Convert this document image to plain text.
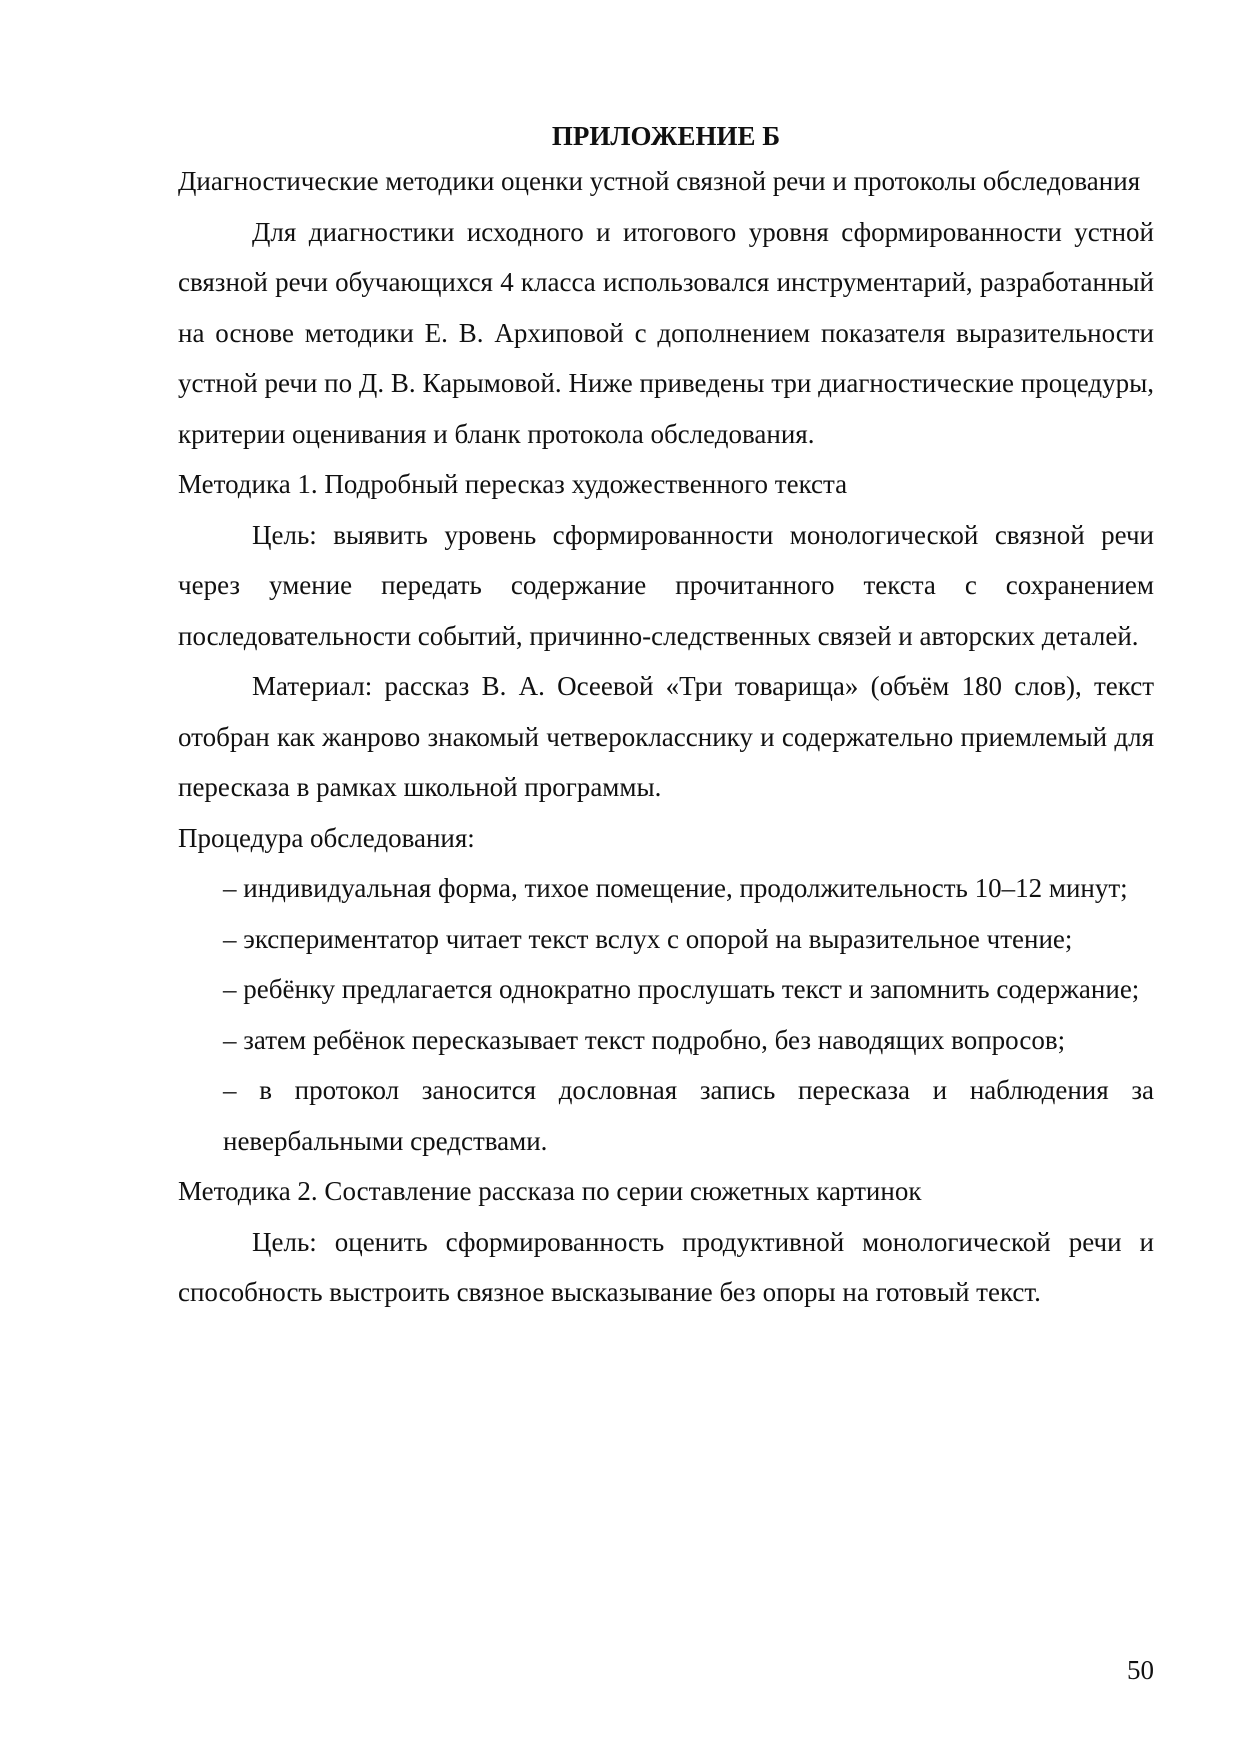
ПРИЛОЖЕНИЕ Б

Диагностические методики оценки устной связной речи и протоколы обследования

Для диагностики исходного и итогового уровня сформированности устной связной речи обучающихся 4 класса использовался инструментарий, разработанный на основе методики Е. В. Архиповой с дополнением показателя выразительности устной речи по Д. В. Карымовой. Ниже приведены три диагностические процедуры, критерии оценивания и бланк протокола обследования.

Методика 1. Подробный пересказ художественного текста

Цель: выявить уровень сформированности монологической связной речи через умение передать содержание прочитанного текста с сохранением последовательности событий, причинно-следственных связей и авторских деталей.

Материал: рассказ В. А. Осеевой «Три товарища» (объём 180 слов), текст отобран как жанрово знакомый четверокласснику и содержательно приемлемый для пересказа в рамках школьной программы.

Процедура обследования:

– индивидуальная форма, тихое помещение, продолжительность 10–12 минут;
– экспериментатор читает текст вслух с опорой на выразительное чтение;
– ребёнку предлагается однократно прослушать текст и запомнить содержание;
– затем ребёнок пересказывает текст подробно, без наводящих вопросов;
– в протокол заносится дословная запись пересказа и наблюдения за невербальными средствами.

Методика 2. Составление рассказа по серии сюжетных картинок

Цель: оценить сформированность продуктивной монологической речи и способность выстроить связное высказывание без опоры на готовый текст.

50
